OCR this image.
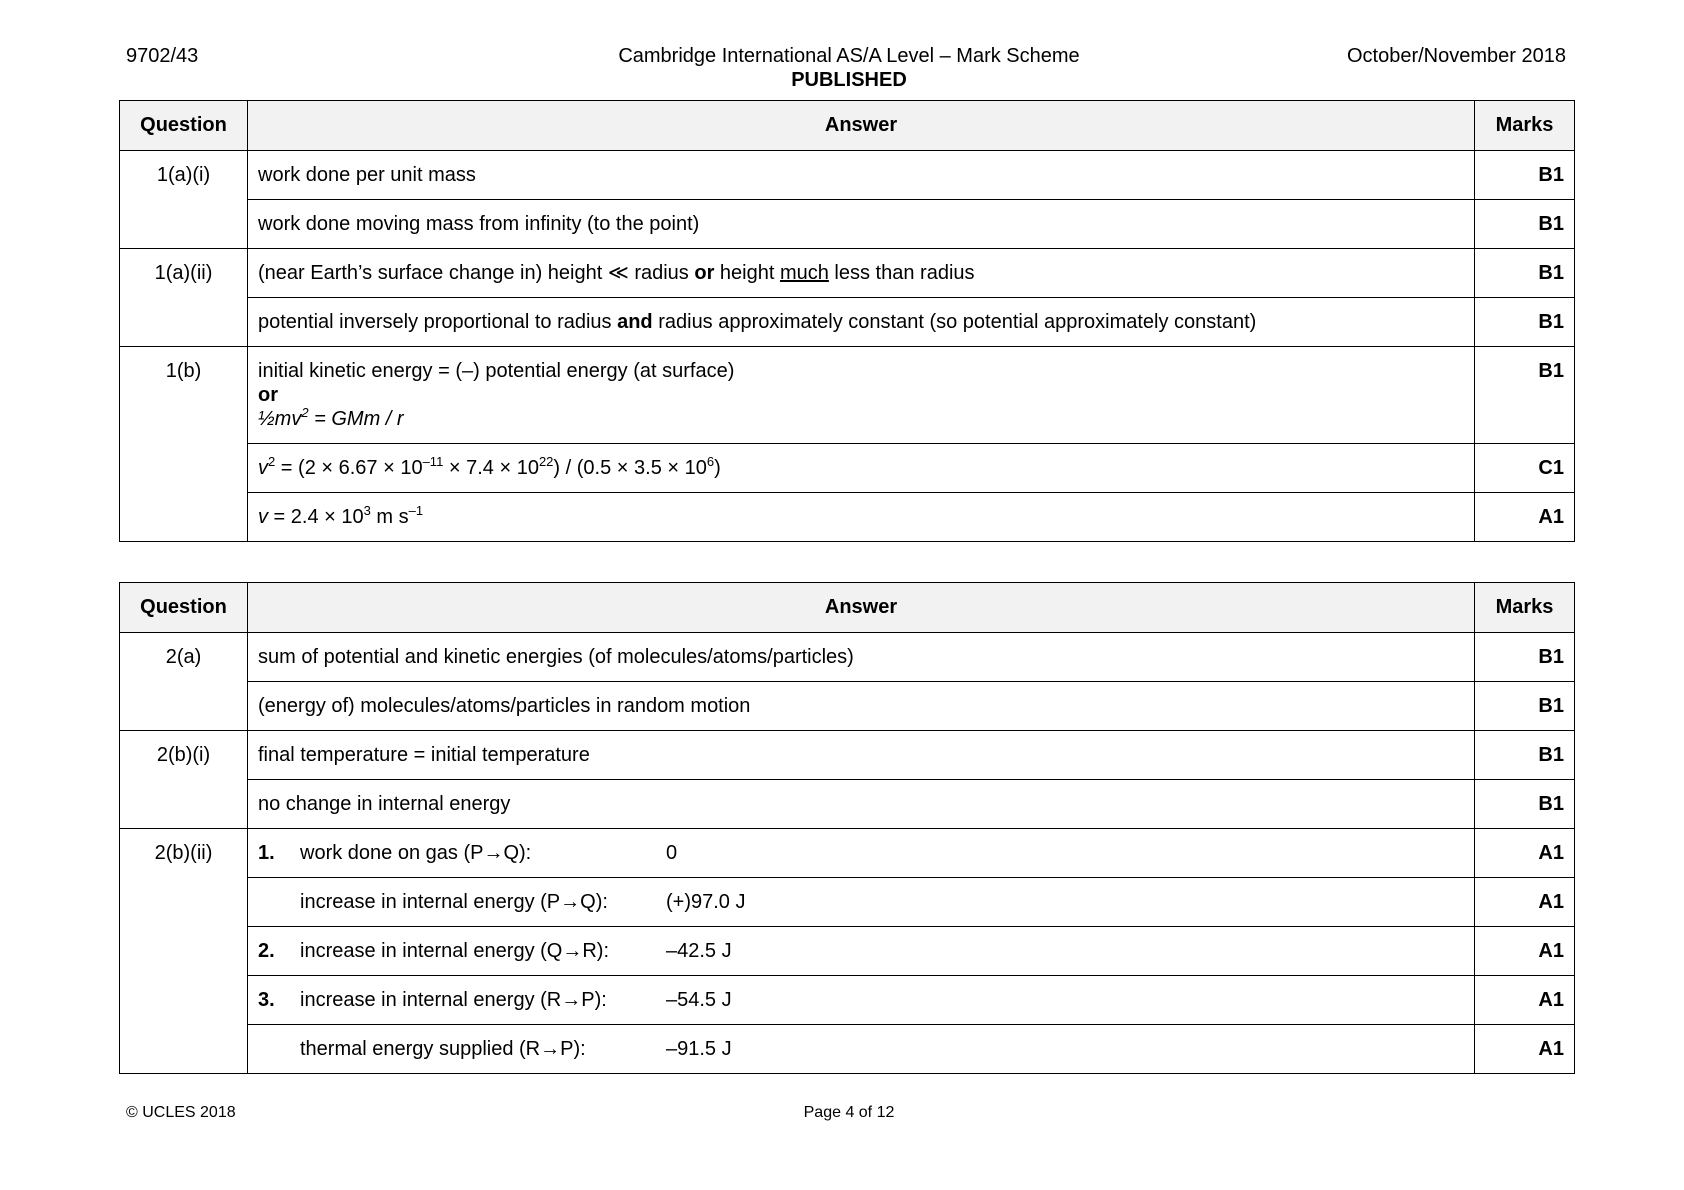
9702/43	Cambridge International AS/A Level – Mark Scheme
PUBLISHED
October/November 2018
Question	Answer	Marks
1(a)(i)	work done per unit mass	B1
	work done moving mass from infinity (to the point)	B1
1(a)(ii)	(near Earth’s surface change in) height ≪ radius or height much less than radius	B1
	potential inversely proportional to radius and radius approximately constant (so potential approximately constant)	B1
1(b)	initial kinetic energy = (–) potential energy (at surface)
or
$\frac{1}{2}mv^2$ = GMm / r	B1
	$v^2 = (2 \times 6.67 \times 10^{-11} \times 7.4 \times 10^{22}) / (0.5 \times 3.5 \times 10^6)$	C1
	$v = 2.4 \times 10^3$ m $s^{-1}$	A1
Question	Answer	Marks
2(a)	sum of potential and kinetic energies (of molecules/atoms/particles)	B1
	(energy of) molecules/atoms/particles in random motion	B1
2(b)(i)	final temperature = initial temperature	B1
	no change in internal energy	B1
2(b)(ii)	1. work done on gas (P→Q): 0	A1
	increase in internal energy (P→Q): (+)97.0 J	A1
	2. increase in internal energy (Q→R): –42.5 J	A1
	3. increase in internal energy (R→P): –54.5 J	A1
	thermal energy supplied (R→P): –91.5 J	A1
© UCLES 2018	Page 4 of 12
